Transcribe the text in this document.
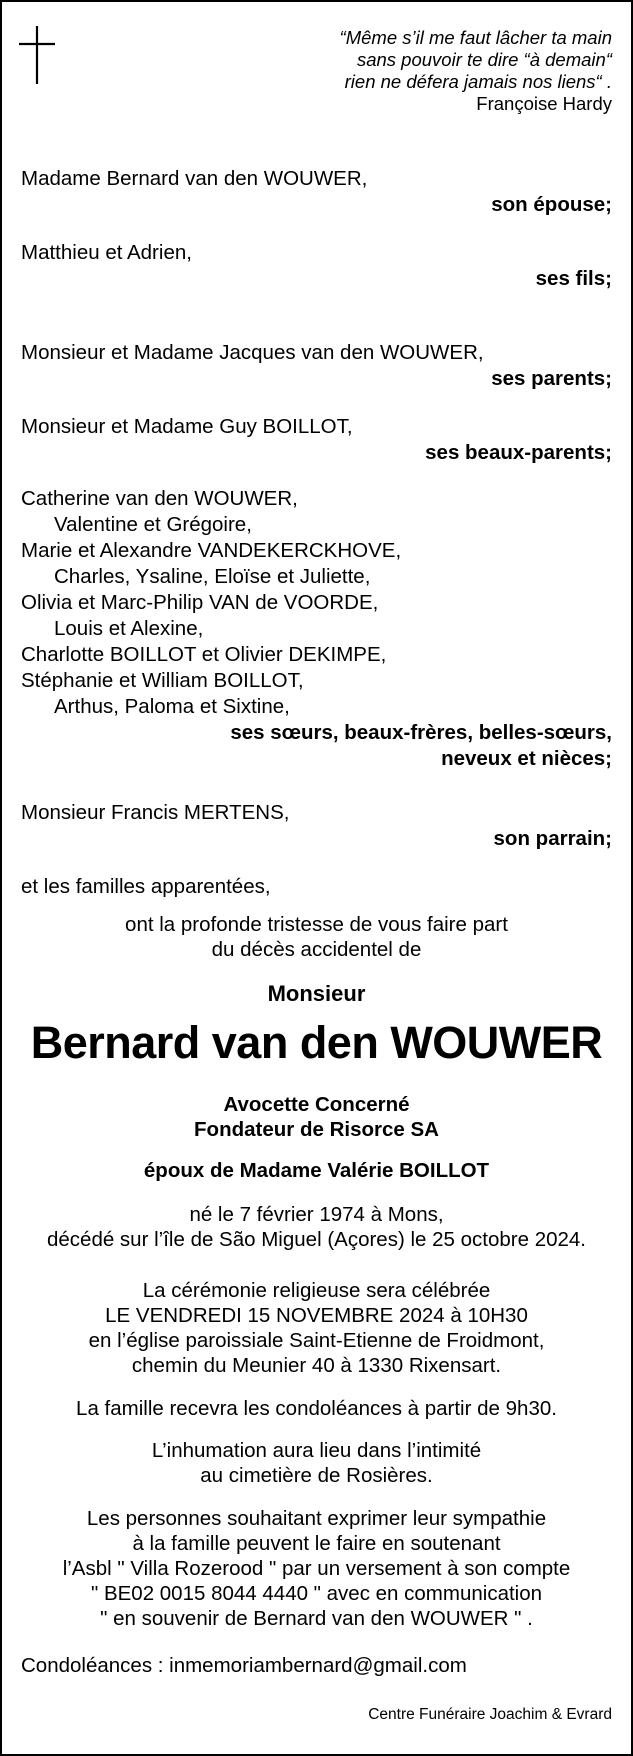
“Même s’il me faut lâcher ta main
sans pouvoir te dire “à demain“
rien ne défera jamais nos liens“ .
Françoise Hardy
Madame Bernard van den WOUWER,
son épouse;
Matthieu et Adrien,
ses fils;
Monsieur et Madame Jacques van den WOUWER,
ses parents;
Monsieur et Madame Guy BOILLOT,
ses beaux-parents;
Catherine van den WOUWER,
Valentine et Grégoire,
Marie et Alexandre VANDEKERCKHOVE,
Charles, Ysaline, Eloïse et Juliette,
Olivia et Marc-Philip VAN de VOORDE,
Louis et Alexine,
Charlotte BOILLOT et Olivier DEKIMPE,
Stéphanie et William BOILLOT,
Arthus, Paloma et Sixtine,
ses sœurs, beaux-frères, belles-sœurs,
neveux et nièces;
Monsieur Francis MERTENS,
son parrain;
et les familles apparentées,
ont la profonde tristesse de vous faire part
du décès accidentel de
Monsieur
Bernard van den WOUWER
Avocette Concerné
Fondateur de Risorce SA
époux de Madame Valérie BOILLOT
né le 7 février 1974 à Mons,
décédé sur l’île de São Miguel (Açores) le 25 octobre 2024.
La cérémonie religieuse sera célébrée
LE VENDREDI 15 NOVEMBRE 2024 à 10H30
en l’église paroissiale Saint-Etienne de Froidmont,
chemin du Meunier 40 à 1330 Rixensart.
La famille recevra les condoléances à partir de 9h30.
L’inhumation aura lieu dans l’intimité
au cimetière de Rosières.
Les personnes souhaitant exprimer leur sympathie
à la famille peuvent le faire en soutenant
l’Asbl " Villa Rozerood " par un versement à son compte
" BE02 0015 8044 4440 " avec en communication
" en souvenir de Bernard van den WOUWER " .
Condoléances : inmemoriambernard@gmail.com
Centre Funéraire Joachim & Evrard
